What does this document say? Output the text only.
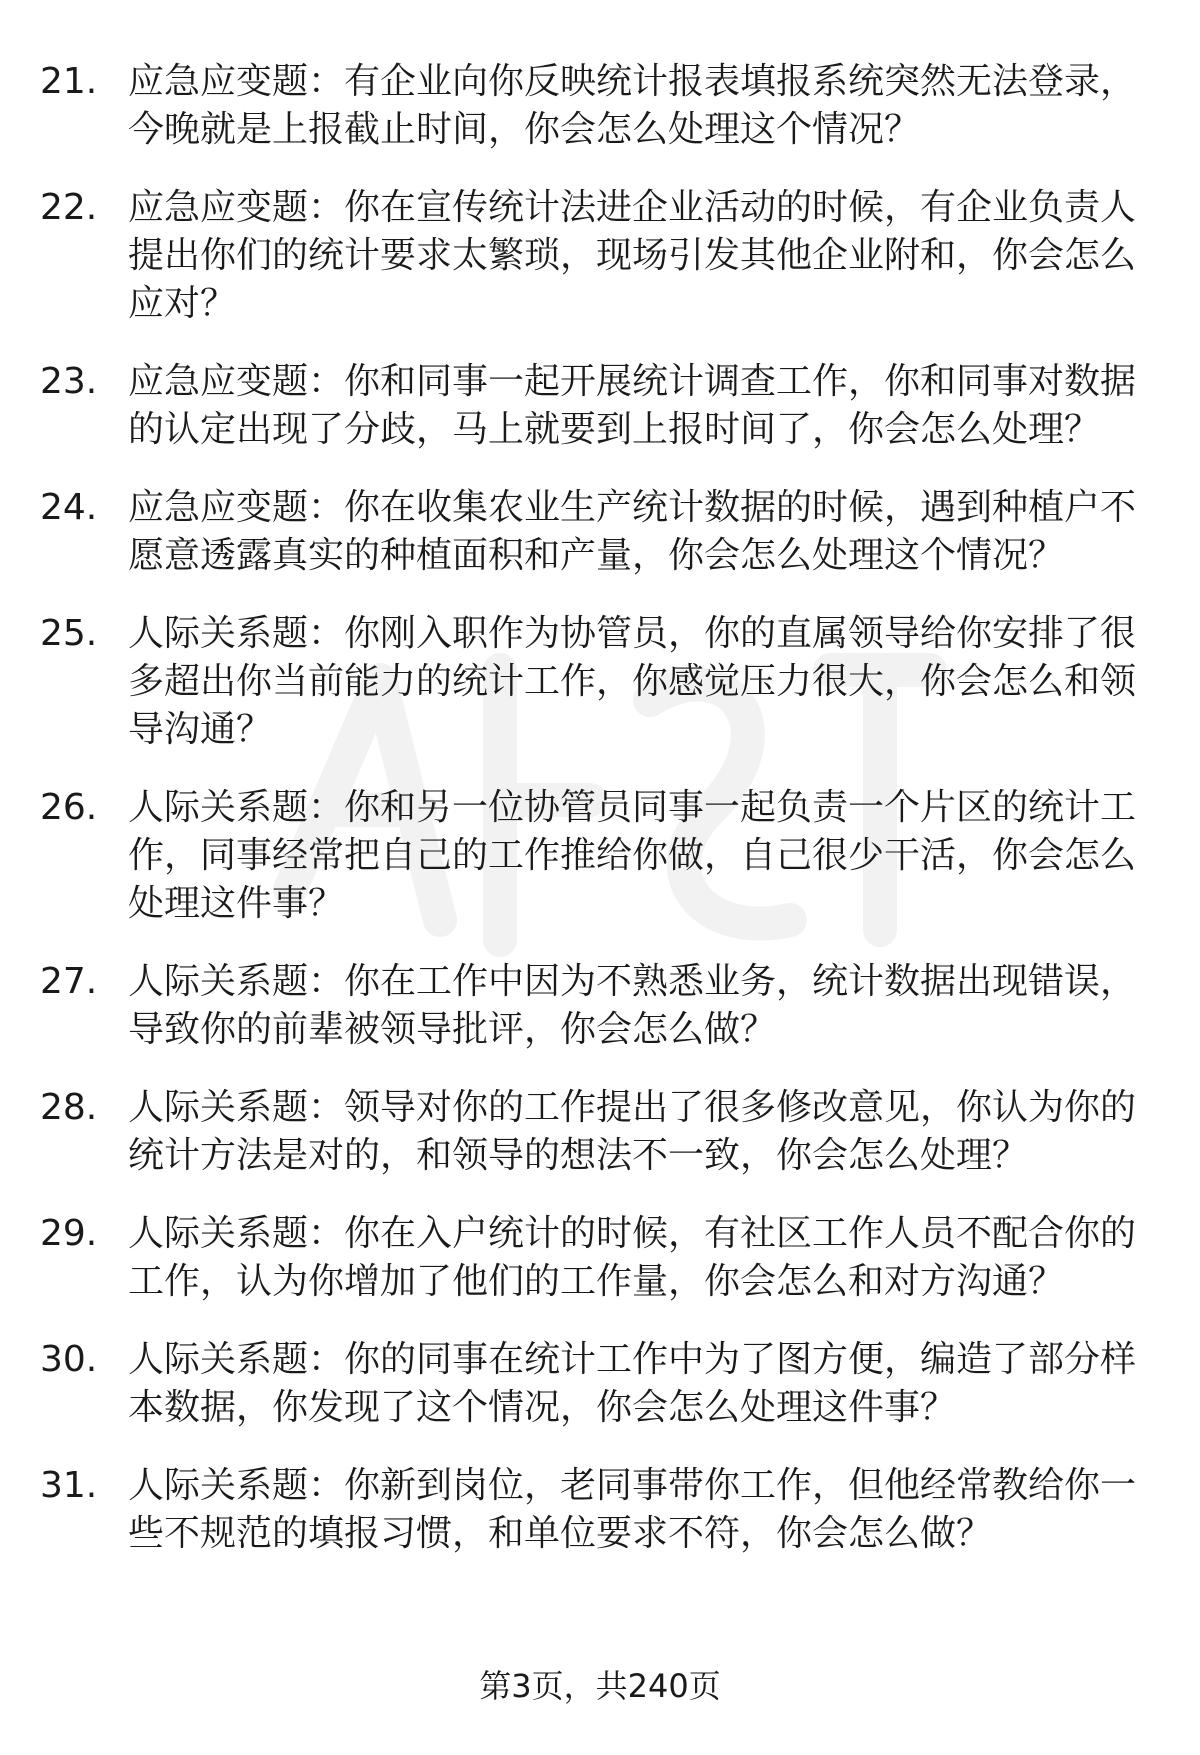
21. 应急应变题：有企业向你反映统计报表填报系统突然无法登录，今晚就是上报截止时间，你会怎么处理这个情况？
22. 应急应变题：你在宣传统计法进企业活动的时候，有企业负责人提出你们的统计要求太繁琐，现场引发其他企业附和，你会怎么应对？
23. 应急应变题：你和同事一起开展统计调查工作，你和同事对数据的认定出现了分歧，马上就要到上报时间了，你会怎么处理？
24. 应急应变题：你在收集农业生产统计数据的时候，遇到种植户不愿意透露真实的种植面积和产量，你会怎么处理这个情况？
25. 人际关系题：你刚入职作为协管员，你的直属领导给你安排了很多超出你当前能力的统计工作，你感觉压力很大，你会怎么和领导沟通？
26. 人际关系题：你和另一位协管员同事一起负责一个片区的统计工作，同事经常把自己的工作推给你做，自己很少干活，你会怎么处理这件事？
27. 人际关系题：你在工作中因为不熟悉业务，统计数据出现错误，导致你的前辈被领导批评，你会怎么做？
28. 人际关系题：领导对你的工作提出了很多修改意见，你认为你的统计方法是对的，和领导的想法不一致，你会怎么处理？
29. 人际关系题：你在入户统计的时候，有社区工作人员不配合你的工作，认为你增加了他们的工作量，你会怎么和对方沟通？
30. 人际关系题：你的同事在统计工作中为了图方便，编造了部分样本数据，你发现了这个情况，你会怎么处理这件事？
31. 人际关系题：你新到岗位，老同事带你工作，但他经常教给你一些不规范的填报习惯，和单位要求不符，你会怎么做？
第3页，共240页
